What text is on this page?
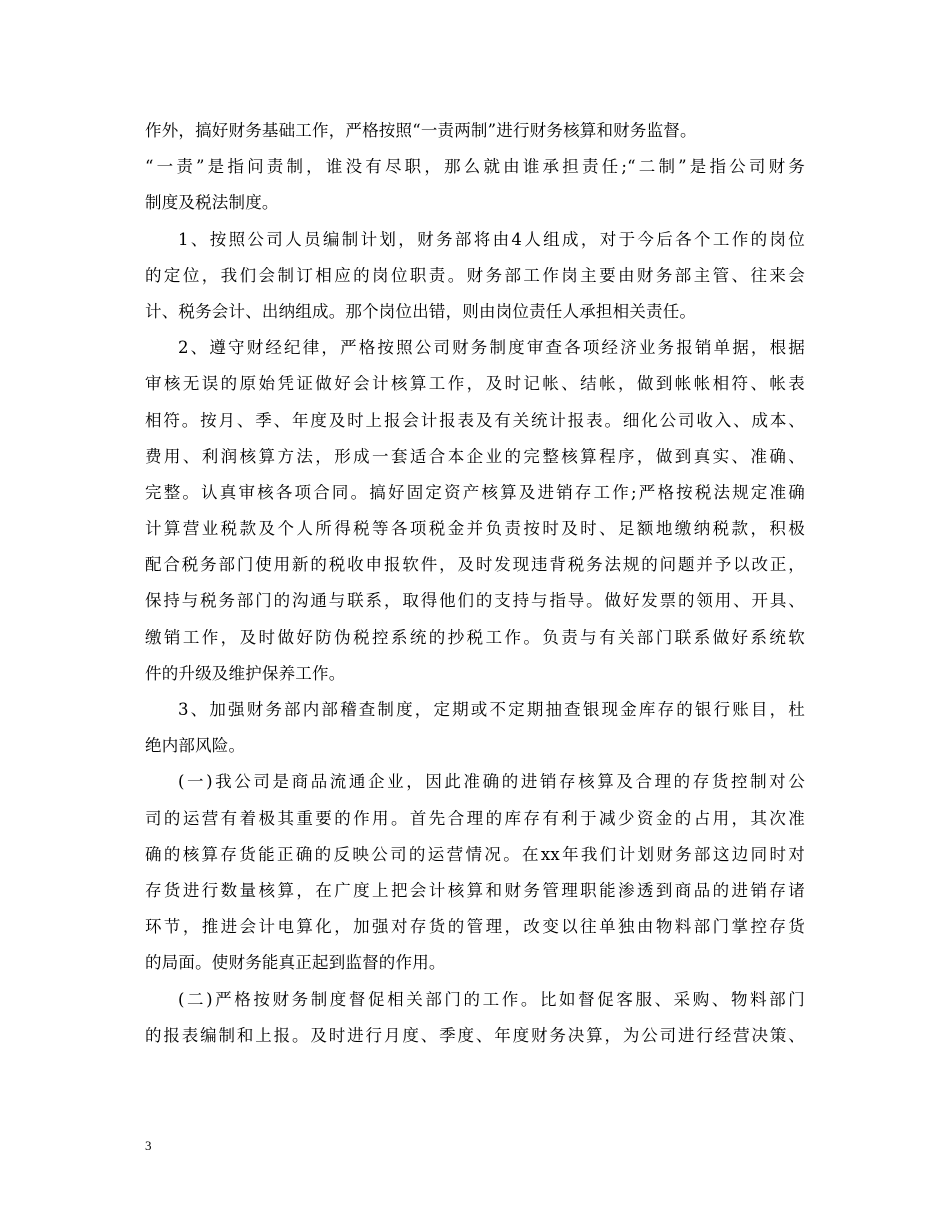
作外，搞好财务基础工作，严格按照“一责两制”进行财务核算和财务监督。
“一责”是指问责制，谁没有尽职，那么就由谁承担责任;“二制”是指公司财务
制度及税法制度。
1、按照公司人员编制计划，财务部将由4人组成，对于今后各个工作的岗位
的定位，我们会制订相应的岗位职责。财务部工作岗主要由财务部主管、往来会
计、税务会计、出纳组成。那个岗位出错，则由岗位责任人承担相关责任。
2、遵守财经纪律，严格按照公司财务制度审查各项经济业务报销单据，根据
审核无误的原始凭证做好会计核算工作，及时记帐、结帐，做到帐帐相符、帐表
相符。按月、季、年度及时上报会计报表及有关统计报表。细化公司收入、成本、
费用、利润核算方法，形成一套适合本企业的完整核算程序，做到真实、准确、
完整。认真审核各项合同。搞好固定资产核算及进销存工作;严格按税法规定准确
计算营业税款及个人所得税等各项税金并负责按时及时、足额地缴纳税款，积极
配合税务部门使用新的税收申报软件，及时发现违背税务法规的问题并予以改正，
保持与税务部门的沟通与联系，取得他们的支持与指导。做好发票的领用、开具、
缴销工作，及时做好防伪税控系统的抄税工作。负责与有关部门联系做好系统软
件的升级及维护保养工作。
3、加强财务部内部稽查制度，定期或不定期抽查银现金库存的银行账目，杜
绝内部风险。
(一)我公司是商品流通企业，因此准确的进销存核算及合理的存货控制对公
司的运营有着极其重要的作用。首先合理的库存有利于减少资金的占用，其次准
确的核算存货能正确的反映公司的运营情况。在xx年我们计划财务部这边同时对
存货进行数量核算，在广度上把会计核算和财务管理职能渗透到商品的进销存诸
环节，推进会计电算化，加强对存货的管理，改变以往单独由物料部门掌控存货
的局面。使财务能真正起到监督的作用。
(二)严格按财务制度督促相关部门的工作。比如督促客服、采购、物料部门
的报表编制和上报。及时进行月度、季度、年度财务决算，为公司进行经营决策、
3
